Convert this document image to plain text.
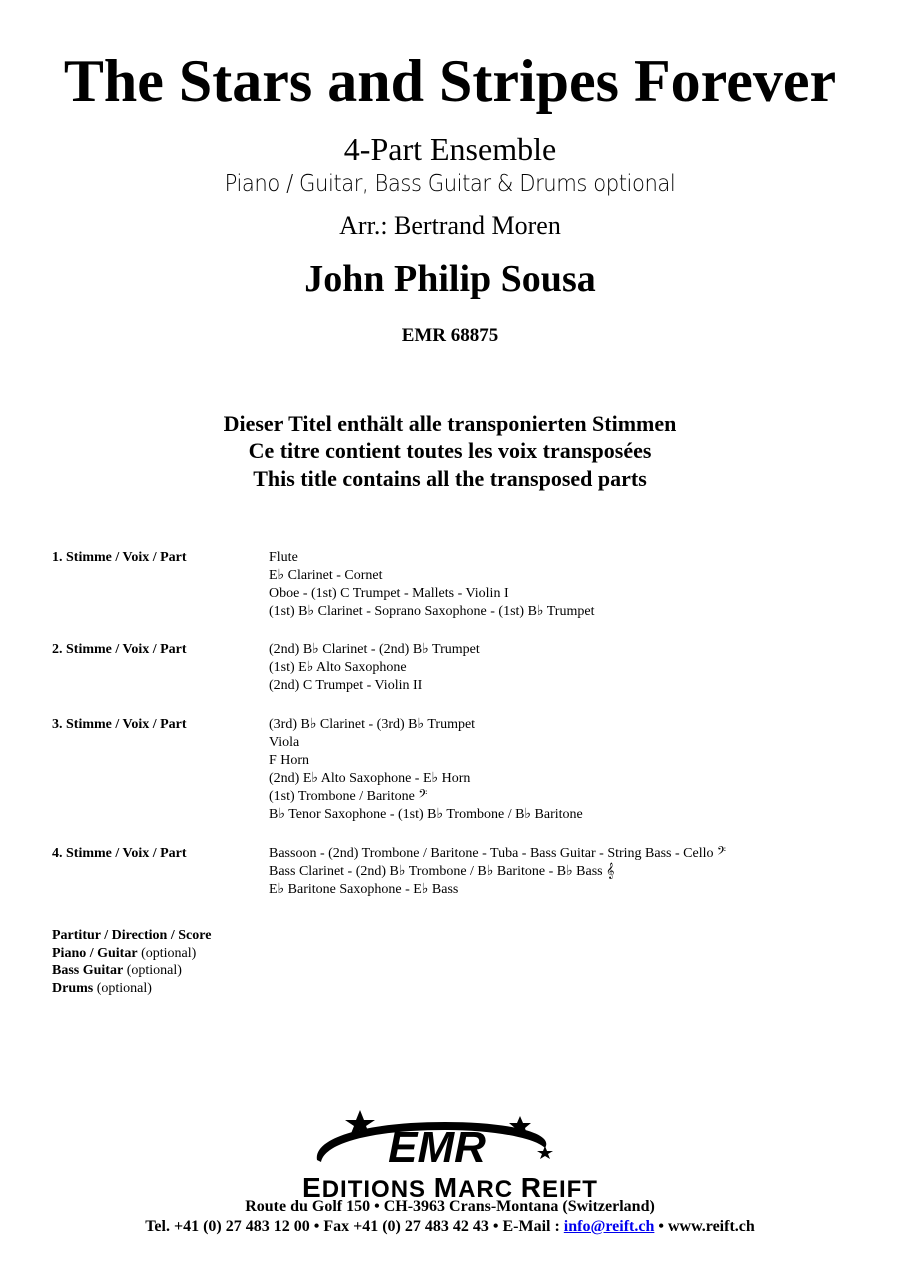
The Stars and Stripes Forever
4-Part Ensemble
Piano / Guitar, Bass Guitar & Drums optional
Arr.: Bertrand Moren
John Philip Sousa
EMR 68875
Dieser Titel enthält alle transponierten Stimmen
Ce titre contient toutes les voix transposées
This title contains all the transposed parts
1. Stimme / Voix / Part	Flute
E♭ Clarinet - Cornet
Oboe - (1st) C Trumpet - Mallets - Violin I
(1st) B♭ Clarinet - Soprano Saxophone - (1st) B♭ Trumpet
2. Stimme / Voix / Part	(2nd) B♭ Clarinet - (2nd) B♭ Trumpet
(1st) E♭ Alto Saxophone
(2nd) C Trumpet - Violin II
3. Stimme / Voix / Part	(3rd) B♭ Clarinet - (3rd) B♭ Trumpet
Viola
F Horn
(2nd) E♭ Alto Saxophone - E♭ Horn
(1st) Trombone / Baritone 𝄢
B♭ Tenor Saxophone - (1st) B♭ Trombone / B♭ Baritone
4. Stimme / Voix / Part	Bassoon - (2nd) Trombone / Baritone - Tuba - Bass Guitar - String Bass - Cello 𝄢
Bass Clarinet - (2nd) B♭ Trombone / B♭ Baritone - B♭ Bass 𝄞
E♭ Baritone Saxophone - E♭ Bass
Partitur / Direction / Score
Piano / Guitar (optional)
Bass Guitar (optional)
Drums (optional)
EMR
EDITIONS MARC REIFT
Route du Golf 150 • CH-3963 Crans-Montana (Switzerland)
Tel. +41 (0) 27 483 12 00 • Fax +41 (0) 27 483 42 43 • E-Mail : info@reift.ch • www.reift.ch
